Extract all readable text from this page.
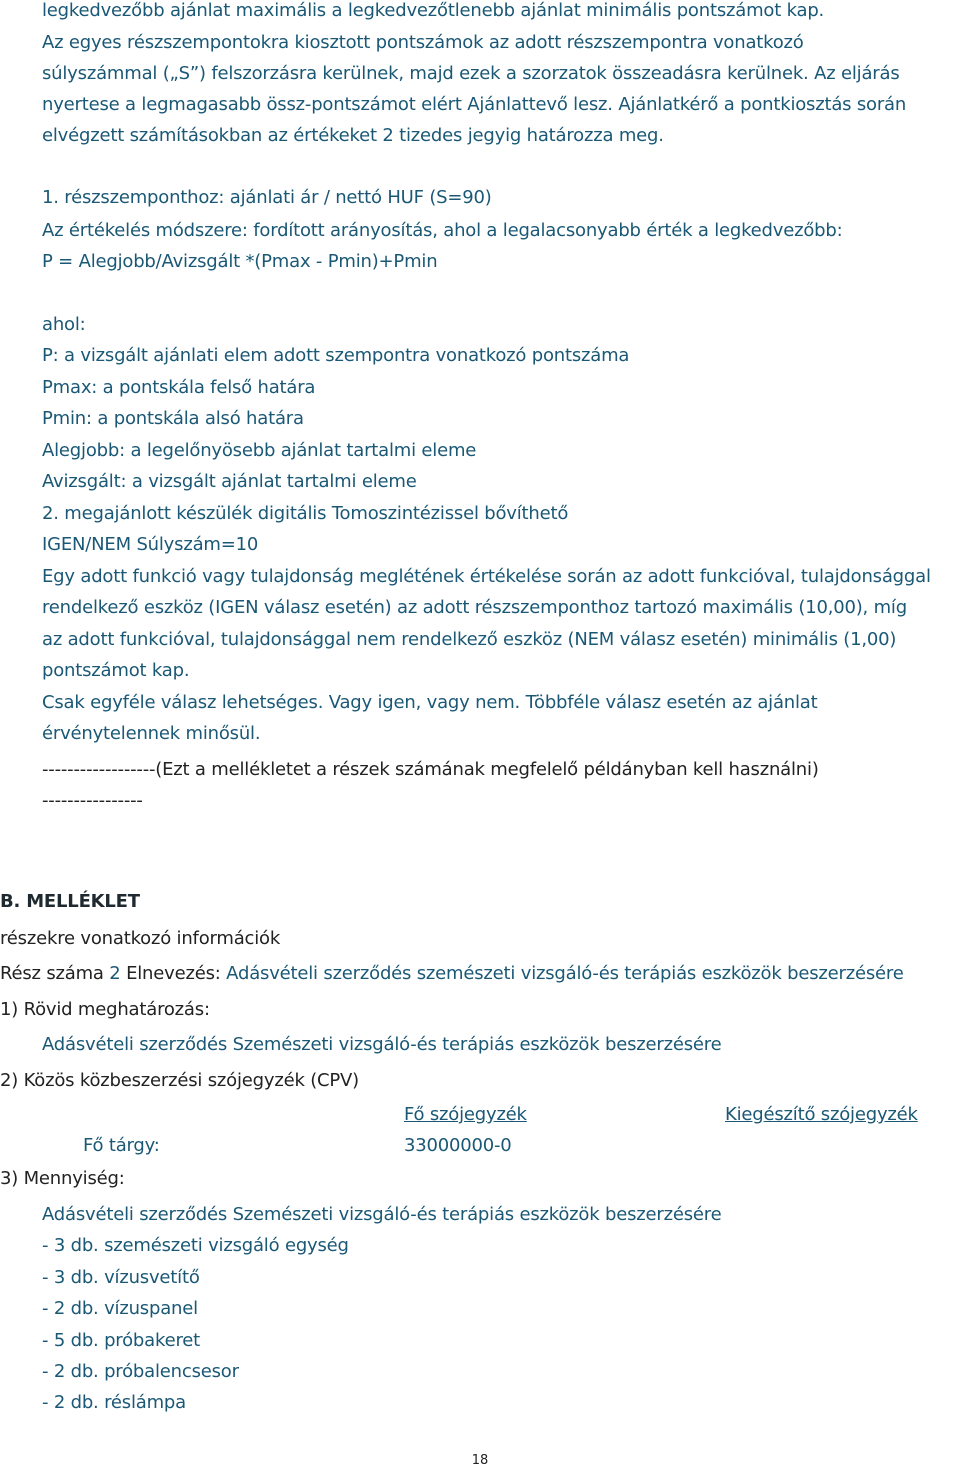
legkedvezőbb ajánlat maximális a legkedvezőtlenebb ajánlat minimális pontszámot kap.
Az egyes részszempontokra kiosztott pontszámok az adott részszempontra vonatkozó
súlyszámmal („S”) felszorzásra kerülnek, majd ezek a szorzatok összeadásra kerülnek. Az eljárás
nyertese a legmagasabb össz-pontszámot elért Ajánlattevő lesz. Ajánlatkérő a pontkiosztás során
elvégzett számításokban az értékeket 2 tizedes jegyig határozza meg.
1. részszemponthoz: ajánlati ár / nettó HUF (S=90)
Az értékelés módszere: fordított arányosítás, ahol a legalacsonyabb érték a legkedvezőbb:
P = Alegjobb/Avizsgált *(Pmax - Pmin)+Pmin
ahol:
P: a vizsgált ajánlati elem adott szempontra vonatkozó pontszáma
Pmax: a pontskála felső határa
Pmin: a pontskála alsó határa
Alegjobb: a legelőnyösebb ajánlat tartalmi eleme
Avizsgált: a vizsgált ajánlat tartalmi eleme
2. megajánlott készülék digitális Tomoszintézissel bővíthető
IGEN/NEM Súlyszám=10
Egy adott funkció vagy tulajdonság meglétének értékelése során az adott funkcióval, tulajdonsággal
rendelkező eszköz (IGEN válasz esetén) az adott részszemponthoz tartozó maximális (10,00), míg
az adott funkcióval, tulajdonsággal nem rendelkező eszköz (NEM válasz esetén) minimális (1,00)
pontszámot kap.
Csak egyféle válasz lehetséges. Vagy igen, vagy nem. Többféle válasz esetén az ajánlat
érvénytelennek minősül.
------------------(Ezt a mellékletet a részek számának megfelelő példányban kell használni)
----------------
B. MELLÉKLET
részekre vonatkozó információk
Rész száma 2 Elnevezés: Adásvételi szerződés szemészeti vizsgáló-és terápiás eszközök beszerzésére
1) Rövid meghatározás:
Adásvételi szerződés Szemészeti vizsgáló-és terápiás eszközök beszerzésére
2) Közös közbeszerzési szójegyzék (CPV)
Fő szójegyzék	Kiegészítő szójegyzék
Fő tárgy:	33000000-0
3) Mennyiség:
Adásvételi szerződés Szemészeti vizsgáló-és terápiás eszközök beszerzésére
- 3 db. szemészeti vizsgáló egység
- 3 db. vízusvetítő
- 2 db. vízuspanel
- 5 db. próbakeret
- 2 db. próbalencsesor
- 2 db. réslámpa
18
